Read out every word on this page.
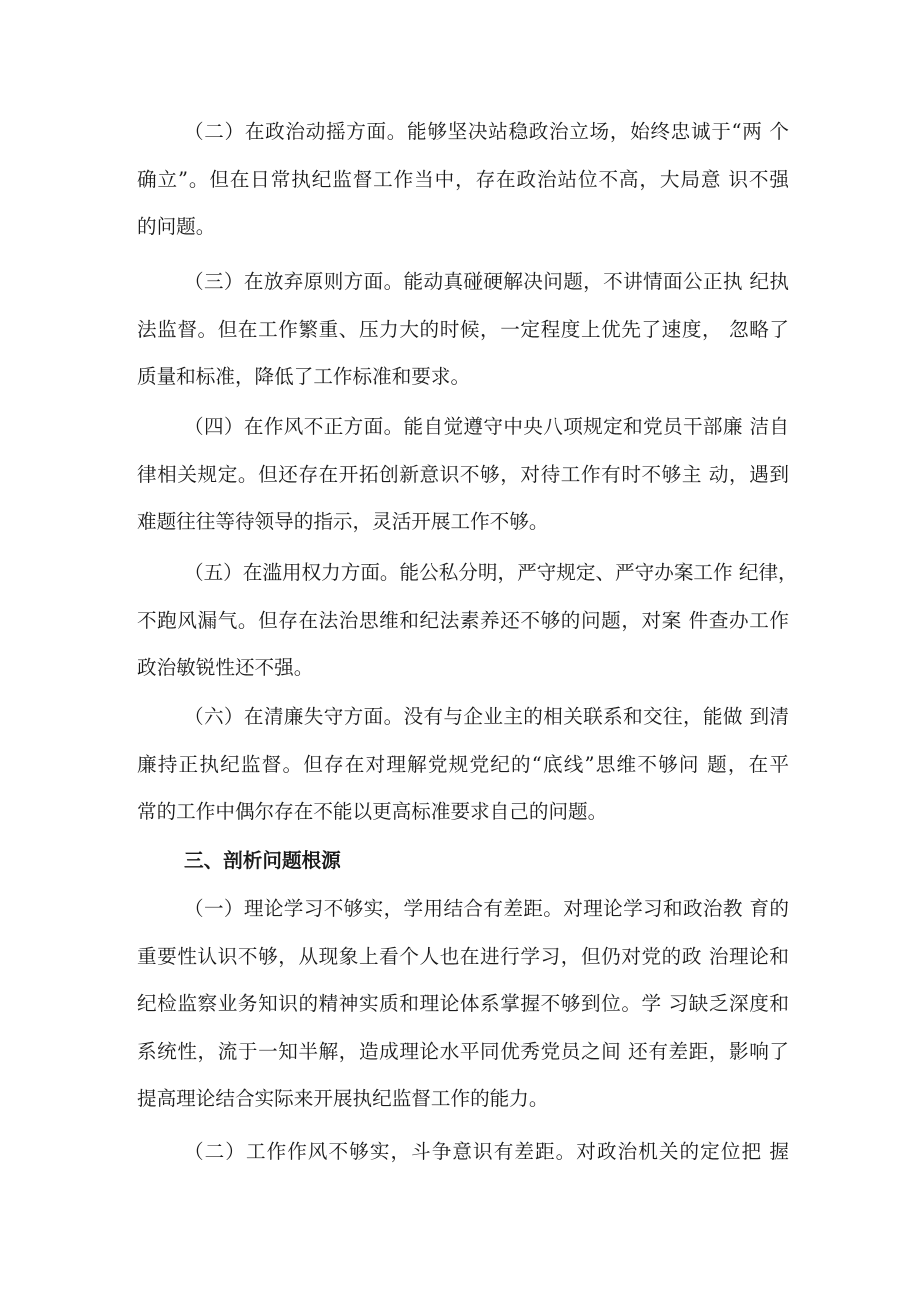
（二）在政治动摇方面。能够坚决站稳政治立场，始终忠诚于“两 个
确立”。但在日常执纪监督工作当中，存在政治站位不高，大局意 识不强
的问题。
（三）在放弃原则方面。能动真碰硬解决问题，不讲情面公正执 纪执
法监督。但在工作繁重、压力大的时候，一定程度上优先了速度， 忽略了
质量和标准，降低了工作标准和要求。
（四）在作风不正方面。能自觉遵守中央八项规定和党员干部廉 洁自
律相关规定。但还存在开拓创新意识不够，对待工作有时不够主 动，遇到
难题往往等待领导的指示，灵活开展工作不够。
（五）在滥用权力方面。能公私分明，严守规定、严守办案工作 纪律，
不跑风漏气。但存在法治思维和纪法素养还不够的问题，对案 件查办工作
政治敏锐性还不强。
（六）在清廉失守方面。没有与企业主的相关联系和交往，能做 到清
廉持正执纪监督。但存在对理解党规党纪的“底线”思维不够问 题，在平
常的工作中偶尔存在不能以更高标准要求自己的问题。
三、剖析问题根源
（一）理论学习不够实，学用结合有差距。对理论学习和政治教 育的
重要性认识不够，从现象上看个人也在进行学习，但仍对党的政 治理论和
纪检监察业务知识的精神实质和理论体系掌握不够到位。学 习缺乏深度和
系统性，流于一知半解，造成理论水平同优秀党员之间 还有差距，影响了
提高理论结合实际来开展执纪监督工作的能力。
（二）工作作风不够实，斗争意识有差距。对政治机关的定位把 握
